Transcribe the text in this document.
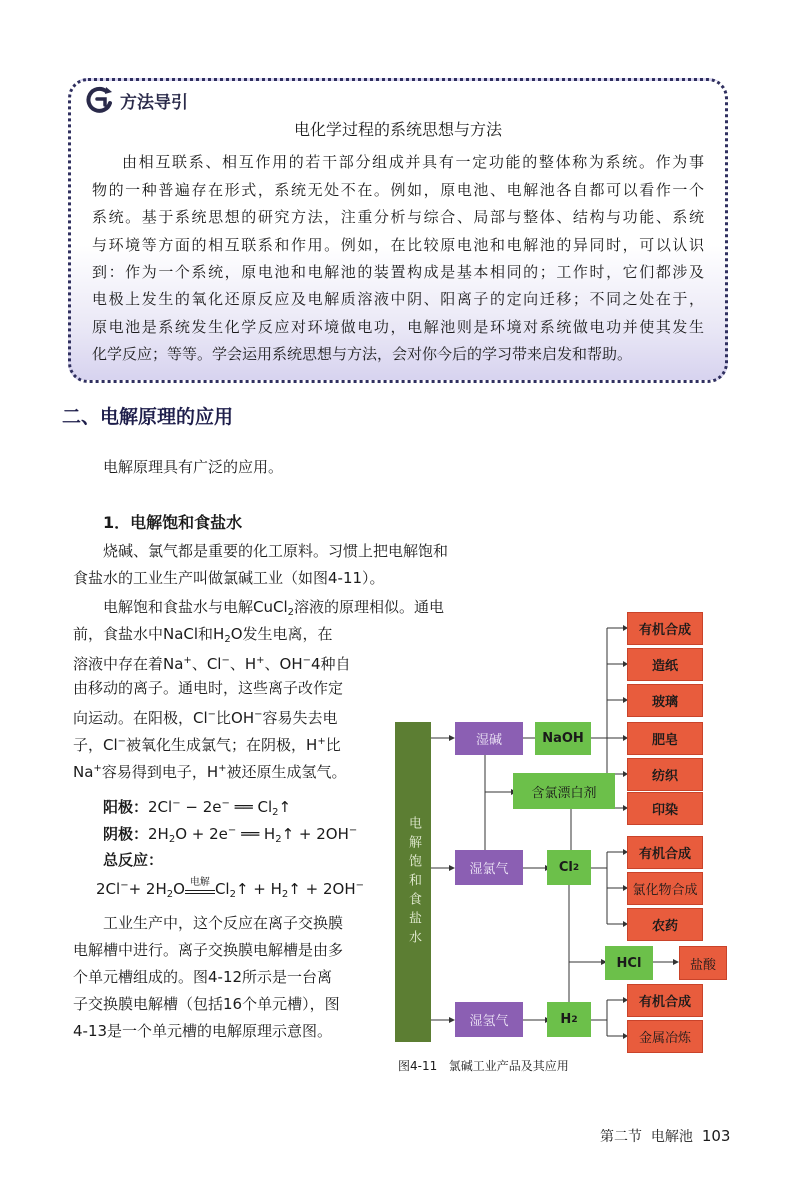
方法导引
电化学过程的系统思想与方法
由相互联系、相互作用的若干部分组成并具有一定功能的整体称为系统。作为事
物的一种普遍存在形式，系统无处不在。例如，原电池、电解池各自都可以看作一个
系统。基于系统思想的研究方法，注重分析与综合、局部与整体、结构与功能、系统
与环境等方面的相互联系和作用。例如，在比较原电池和电解池的异同时，可以认识
到：作为一个系统，原电池和电解池的装置构成是基本相同的；工作时，它们都涉及
电极上发生的氧化还原反应及电解质溶液中阴、阳离子的定向迁移；不同之处在于，
原电池是系统发生化学反应对环境做电功，电解池则是环境对系统做电功并使其发生
化学反应；等等。学会运用系统思想与方法，会对你今后的学习带来启发和帮助。
二、电解原理的应用
电解原理具有广泛的应用。
1．电解饱和食盐水
烧碱、氯气都是重要的化工原料。习惯上把电解饱和
食盐水的工业生产叫做氯碱工业（如图4-11）。
电解饱和食盐水与电解CuCl$_2$溶液的原理相似。通电
前，食盐水中NaCl和$H_2O$发生电离，在
溶液中存在着Na+、Cl−、H+、OH−4种自
由移动的离子。通电时，这些离子改作定
向运动。在阳极，Cl−比OH−容易失去电
子，Cl−被氧化生成氯气；在阴极，H+比
Na+容易得到电子，H+被还原生成氢气。
阳极：2Cl− − 2e− ══ $Cl_2↑$
阴极：$2H_2O + 2e^-$ ══ $H_2↑ + 2OH^-$
总反应：
$2Cl^-+ 2H_2O$ 电解 $Cl_2↑$ + $H_2↑ + 2OH^-$
工业生产中，这个反应在离子交换膜
电解槽中进行。离子交换膜电解槽是由多
个单元槽组成的。图4-12所示是一台离
子交换膜电解槽（包括16个单元槽），图
4-13是一个单元槽的电解原理示意图。
电解饱和食盐水
湿碱
湿氯气
湿氢气
NaOH
含氯漂白剂
Cl 2
HCl
H 2
有机合成
造纸
玻璃
肥皂
纺织
印染
有机合成
氯化物合成
农药
盐酸
有机合成
金属冶炼
图4-11 氯碱工业产品及其应用
第二节 电解池 103
